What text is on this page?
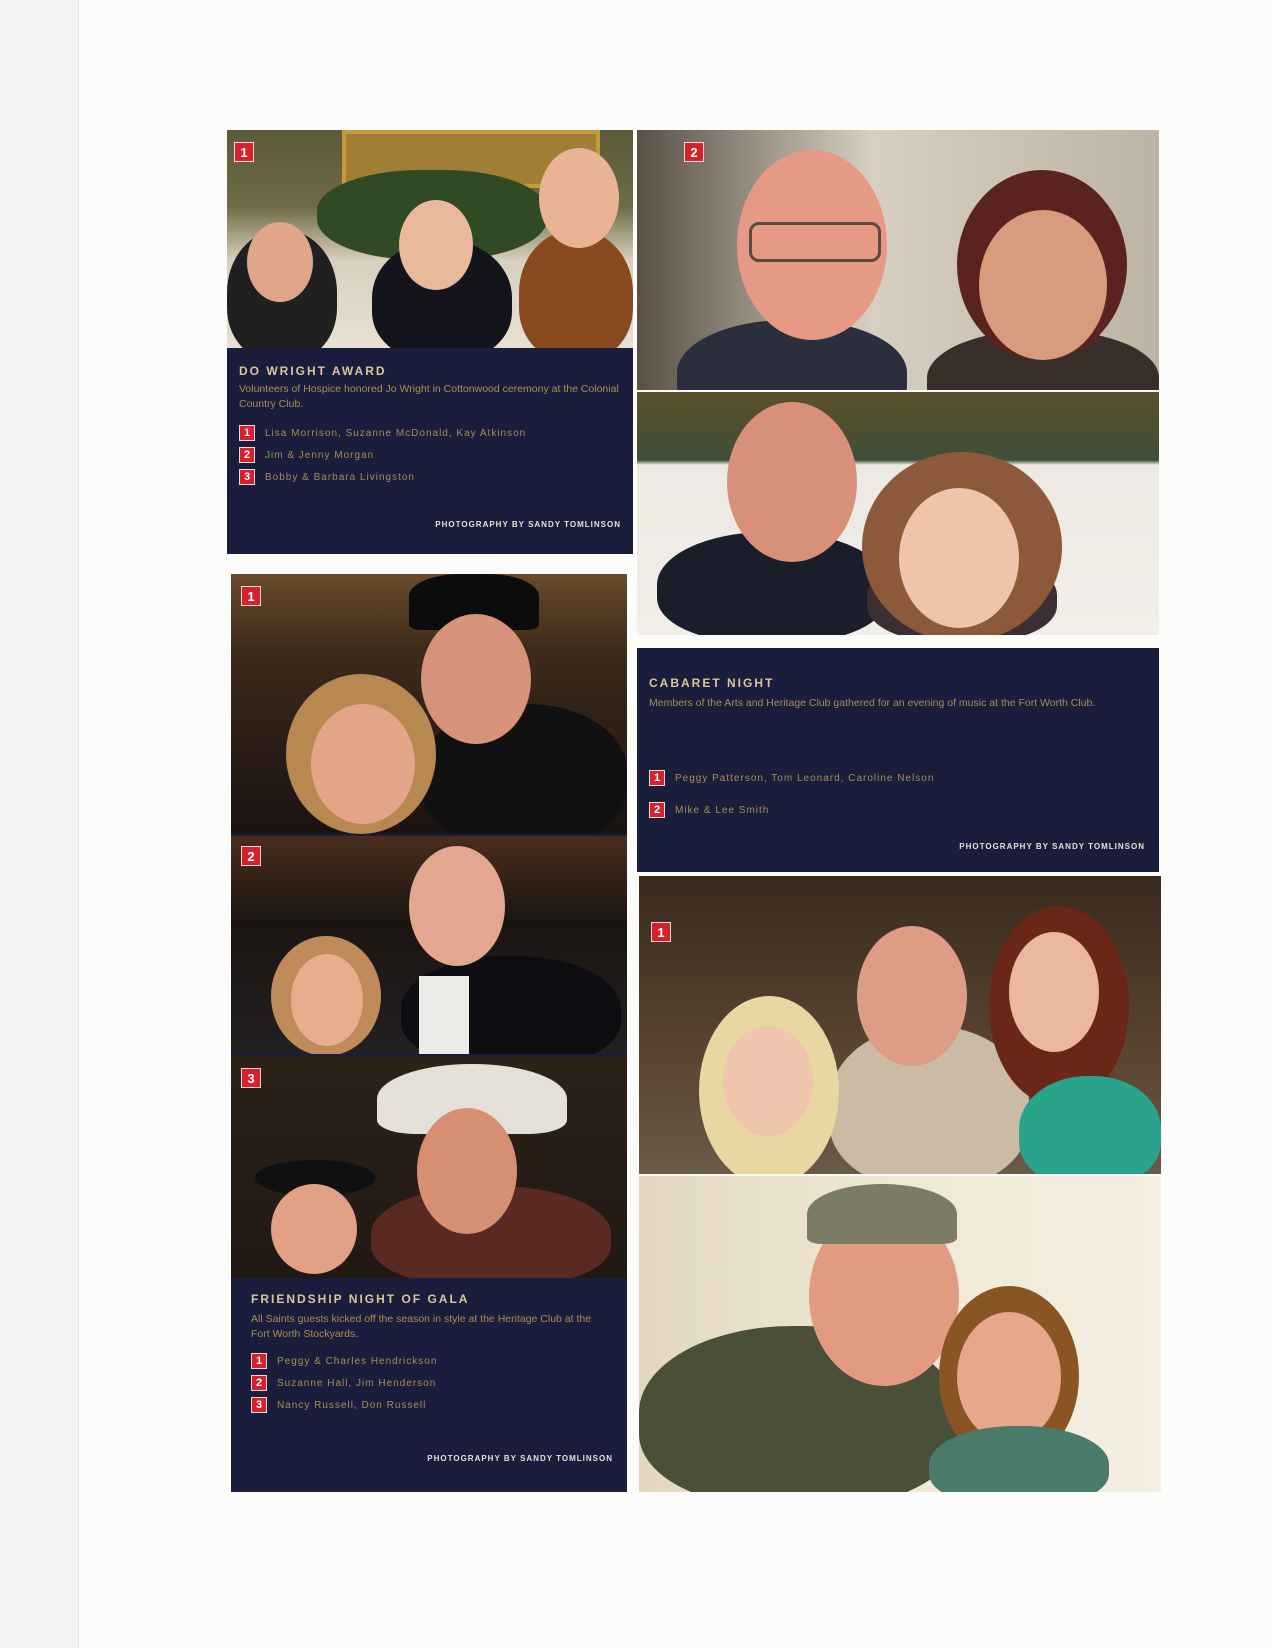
1
DO WRIGHT AWARD
Volunteers of Hospice honored Jo Wright in Cottonwood ceremony at the Colonial Country Club.
1	Lisa Morrison, Suzanne McDonald, Kay Atkinson
2	Jim & Jenny Morgan
3	Bobby & Barbara Livingston
PHOTOGRAPHY BY SANDY TOMLINSON
2
1
2
3
FRIENDSHIP NIGHT OF GALA
All Saints guests kicked off the season in style at the Heritage Club at the Fort Worth Stockyards.
1	Peggy & Charles Hendrickson
2	Suzanne Hall, Jim Henderson
3	Nancy Russell, Don Russell
PHOTOGRAPHY BY SANDY TOMLINSON
CABARET NIGHT
Members of the Arts and Heritage Club gathered for an evening of music at the Fort Worth Club.
1	Peggy Patterson, Tom Leonard, Caroline Nelson
2	Mike & Lee Smith
PHOTOGRAPHY BY SANDY TOMLINSON
1
